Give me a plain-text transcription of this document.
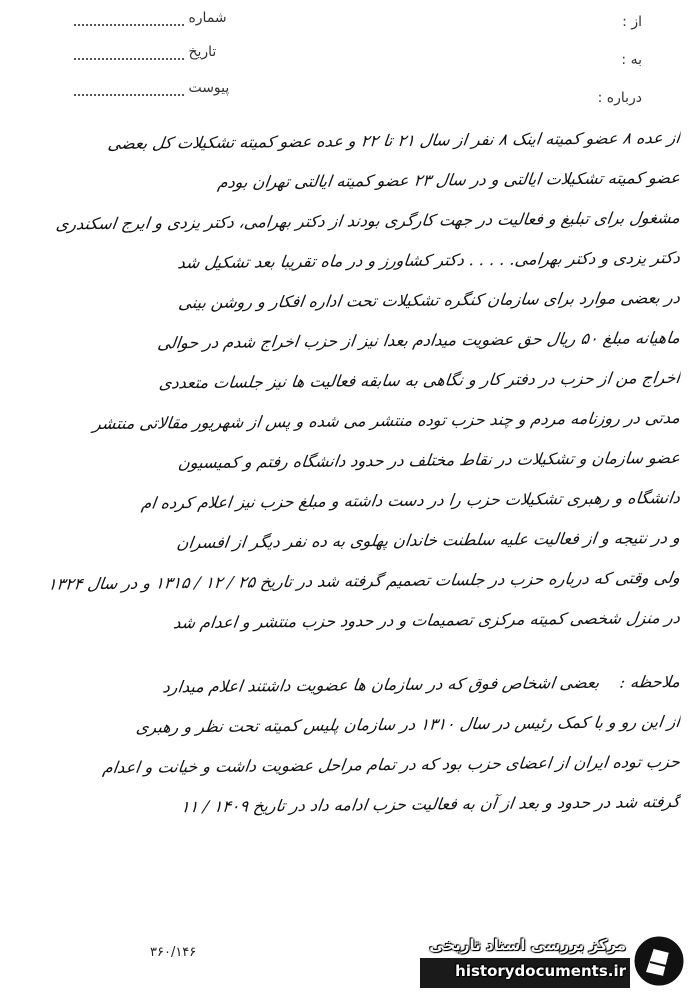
از :
به :
درباره :
شماره
تاریخ
پیوست
از عده ۸ عضو کمیته اینک ۸ نفر از سال ۲۱ تا ۲۲ و عده عضو کمیته تشکیلات کل بعضی
عضو کمیته تشکیلات ایالتی و در سال ۲۳ عضو کمیته ایالتی تهران بودم
مشغول برای تبلیغ و فعالیت در جهت کارگری بودند از دکتر بهرامی، دکتر یزدی و ایرج اسکندری
دکتر یزدی و دکتر بهرامی. . . . . دکتر کشاورز و در ماه تقریبا بعد تشکیل شد
در بعضی موارد برای سازمان کنگره تشکیلات تحت اداره افکار و روشن بینی
ماهیانه مبلغ ۵۰ ریال حق عضویت میدادم بعدا نیز از حزب اخراج شدم در حوالی
اخراج من از حزب در دفتر کار و نگاهی به سابقه فعالیت ها نیز جلسات متعددی
مدتی در روزنامه مردم و چند حزب توده منتشر می شده و پس از شهریور مقالاتی منتشر
عضو سازمان و تشکیلات در نقاط مختلف در حدود دانشگاه رفتم و کمیسیون
دانشگاه و رهبری تشکیلات حزب را در دست داشته و مبلغ حزب نیز اعلام کرده ام
و در نتیجه و از فعالیت علیه سلطنت خاندان پهلوی به ده نفر دیگر از افسران
ولی وقتی که درباره حزب در جلسات تصمیم گرفته شد در تاریخ ۲۵ / ۱۲ / ۱۳۱۵ و در سال ۱۳۲۴
در منزل شخصی کمیته مرکزی تصمیمات و در حدود حزب منتشر و اعدام شد
ملاحظه :    بعضی اشخاص فوق که در سازمان ها عضویت داشتند اعلام میدارد
از این رو و با کمک رئیس در سال ۱۳۱۰ در سازمان پلیس کمیته تحت نظر و رهبری
حزب توده ایران از اعضای حزب بود که در تمام مراحل عضویت داشت و خیانت و اعدام
گرفته شد در حدود و بعد از آن به فعالیت حزب ادامه داد در تاریخ ۱۴۰۹ / ۱۱
۳۶۰/۱۴۶	مرکز بررسی اسناد تاریخی
historydocuments.ir
